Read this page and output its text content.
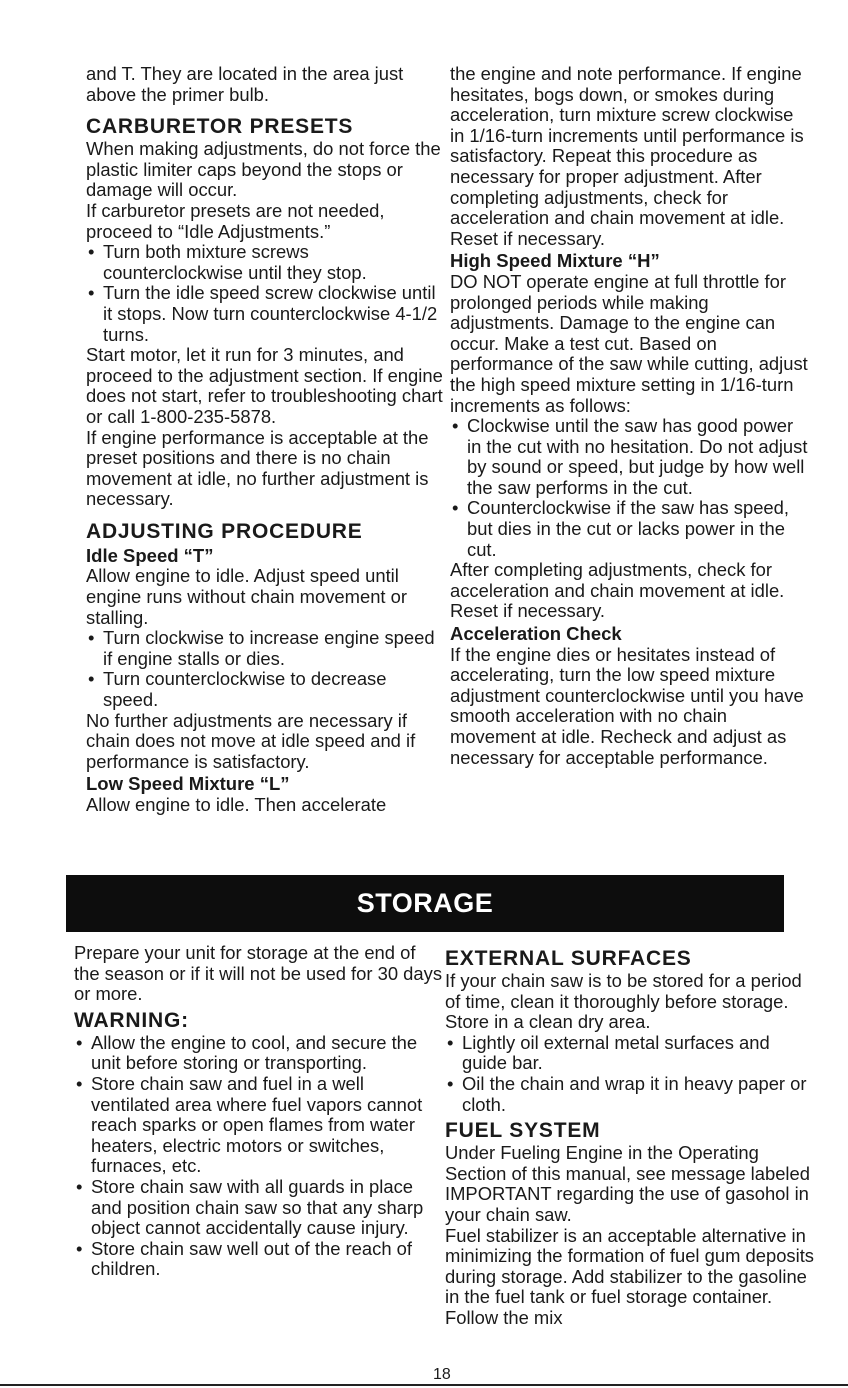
and T. They are located in the area just above the primer bulb.

CARBURETOR PRESETS

When making adjustments, do not force the plastic limiter caps beyond the stops or damage will occur.

If carburetor presets are not needed, proceed to “Idle Adjustments.”

• Turn both mixture screws counterclockwise until they stop.
• Turn the idle speed screw clockwise until it stops. Now turn counterclockwise 4-1/2 turns.

Start motor, let it run for 3 minutes, and proceed to the adjustment section. If engine does not start, refer to troubleshooting chart or call 1-800-235-5878.

If engine performance is acceptable at the preset positions and there is no chain movement at idle, no further adjustment is necessary.

ADJUSTING PROCEDURE

Idle Speed “T”

Allow engine to idle. Adjust speed until engine runs without chain movement or stalling.

• Turn clockwise to increase engine speed if engine stalls or dies.
• Turn counterclockwise to decrease speed.

No further adjustments are necessary if chain does not move at idle speed and if performance is satisfactory.

Low Speed Mixture “L”

Allow engine to idle. Then accelerate

the engine and note performance. If engine hesitates, bogs down, or smokes during acceleration, turn mixture screw clockwise in 1/16-turn increments until performance is satisfactory. Repeat this procedure as necessary for proper adjustment. After completing adjustments, check for acceleration and chain movement at idle. Reset if necessary.

High Speed Mixture “H”

DO NOT operate engine at full throttle for prolonged periods while making adjustments. Damage to the engine can occur. Make a test cut. Based on performance of the saw while cutting, adjust the high speed mixture setting in 1/16-turn increments as follows:

• Clockwise until the saw has good power in the cut with no hesitation. Do not adjust by sound or speed, but judge by how well the saw performs in the cut.
• Counterclockwise if the saw has speed, but dies in the cut or lacks power in the cut.

After completing adjustments, check for acceleration and chain movement at idle. Reset if necessary.

Acceleration Check

If the engine dies or hesitates instead of accelerating, turn the low speed mixture adjustment counterclockwise until you have smooth acceleration with no chain movement at idle. Recheck and adjust as necessary for acceptable performance.

STORAGE

Prepare your unit for storage at the end of the season or if it will not be used for 30 days or more.

WARNING:

• Allow the engine to cool, and secure the unit before storing or transporting.
• Store chain saw and fuel in a well ventilated area where fuel vapors cannot reach sparks or open flames from water heaters, electric motors or switches, furnaces, etc.
• Store chain saw with all guards in place and position chain saw so that any sharp object cannot accidentally cause injury.
• Store chain saw well out of the reach of children.

EXTERNAL SURFACES

If your chain saw is to be stored for a period of time, clean it thoroughly before storage. Store in a clean dry area.

• Lightly oil external metal surfaces and guide bar.
• Oil the chain and wrap it in heavy paper or cloth.

FUEL SYSTEM

Under Fueling Engine in the Operating Section of this manual, see message labeled IMPORTANT regarding the use of gasohol in your chain saw.

Fuel stabilizer is an acceptable alternative in minimizing the formation of fuel gum deposits during storage. Add stabilizer to the gasoline in the fuel tank or fuel storage container. Follow the mix

18
